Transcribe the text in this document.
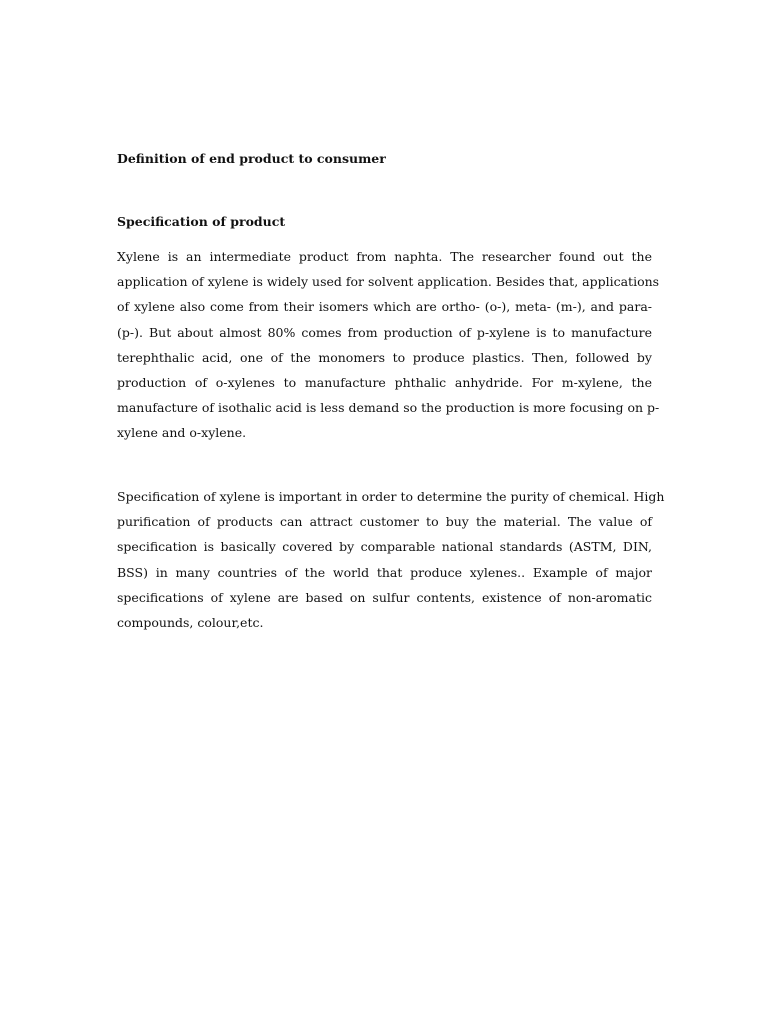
Definition of end product to consumer
Specification of product

Xylene is an intermediate product from naphta. The researcher found out the
application of xylene is widely used for solvent application. Besides that, applications
of xylene also come from their isomers which are ortho- (o-), meta- (m-), and para-
(p-). But about almost 80% comes from production of p-xylene is to manufacture
terephthalic acid, one of the monomers to produce plastics. Then, followed by
production of o-xylenes to manufacture phthalic anhydride. For m-xylene, the
manufacture of isothalic acid is less demand so the production is more focusing on p-
xylene and o-xylene.

Specification of xylene is important in order to determine the purity of chemical. High
purification of products can attract customer to buy the material. The value of
specification is basically covered by comparable national standards (ASTM, DIN,
BSS) in many countries of the world that produce xylenes.. Example of major
specifications of xylene are based on sulfur contents, existence of non-aromatic
compounds, colour,etc.
